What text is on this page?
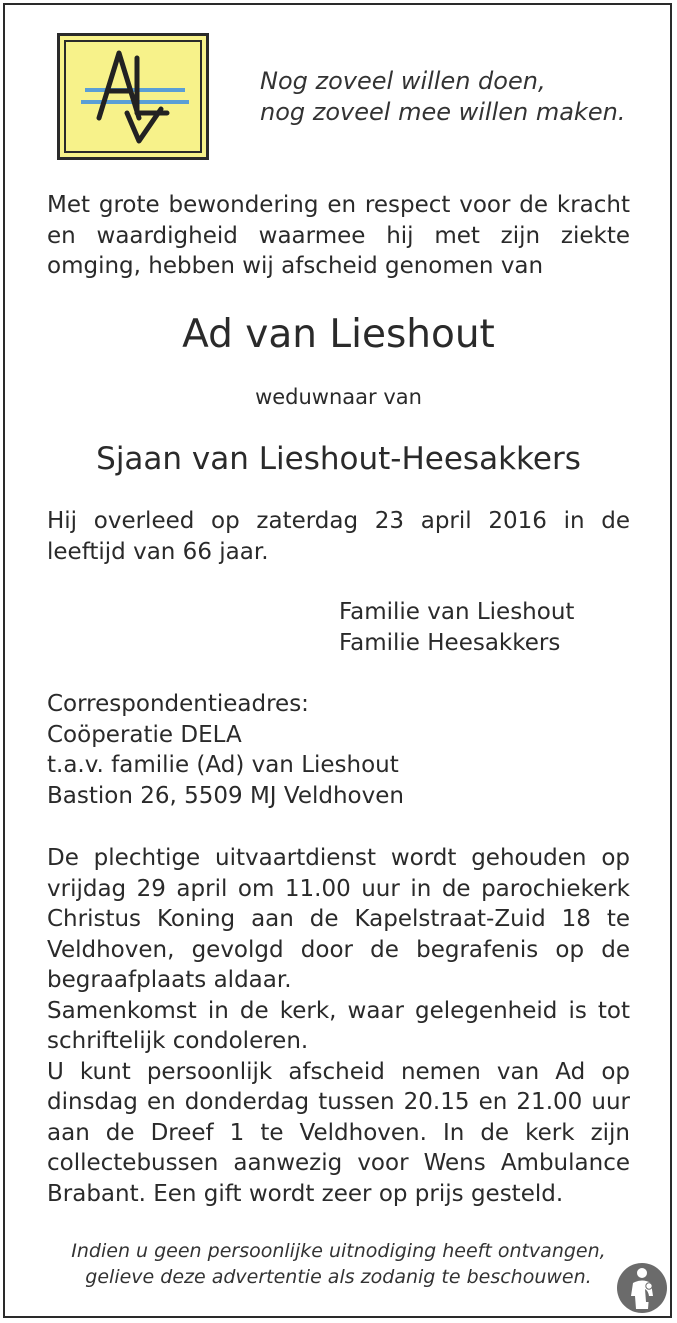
Nog zoveel willen doen,
nog zoveel mee willen maken.
Met grote bewondering en respect voor de kracht
en waardigheid waarmee hij met zijn ziekte
omging, hebben wij afscheid genomen van
Ad van Lieshout
weduwnaar van
Sjaan van Lieshout-Heesakkers
Hij overleed op zaterdag 23 april 2016 in de
leeftijd van 66 jaar.
Familie van Lieshout
Familie Heesakkers
Correspondentieadres:
Coöperatie DELA
t.a.v. familie (Ad) van Lieshout
Bastion 26, 5509 MJ Veldhoven
De plechtige uitvaartdienst wordt gehouden op
vrijdag 29 april om 11.00 uur in de parochiekerk
Christus Koning aan de Kapelstraat-Zuid 18 te
Veldhoven, gevolgd door de begrafenis op de
begraafplaats aldaar.
Samenkomst in de kerk, waar gelegenheid is tot
schriftelijk condoleren.
U kunt persoonlijk afscheid nemen van Ad op
dinsdag en donderdag tussen 20.15 en 21.00 uur
aan de Dreef 1 te Veldhoven. In de kerk zijn
collectebussen aanwezig voor Wens Ambulance
Brabant. Een gift wordt zeer op prijs gesteld.
Indien u geen persoonlijke uitnodiging heeft ontvangen,
gelieve deze advertentie als zodanig te beschouwen.
